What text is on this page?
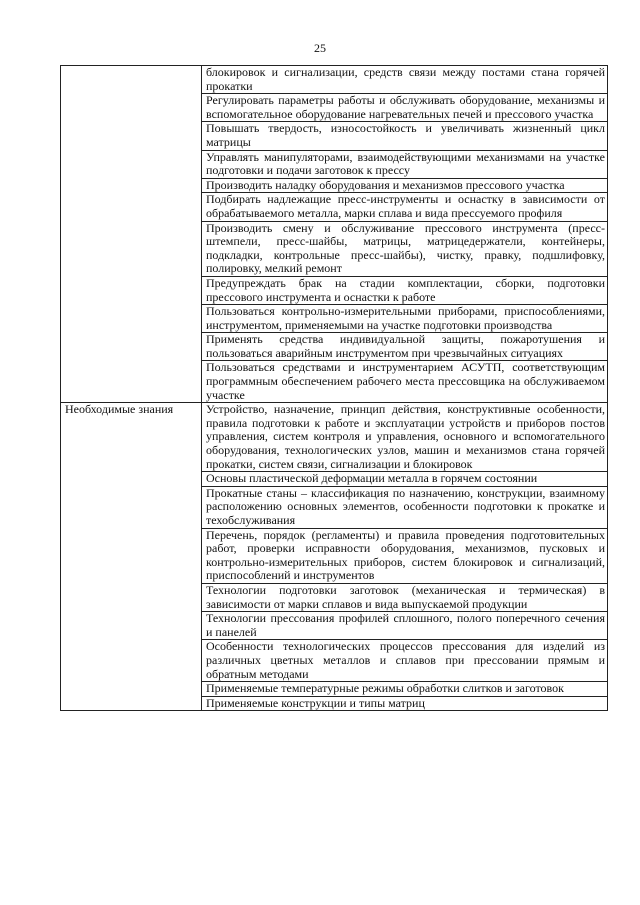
25
	блокировок и сигнализации, средств связи между постами стана горячей прокатки
	Регулировать параметры работы и обслуживать оборудование, механизмы и вспомогательное оборудование нагревательных печей и прессового участка
	Повышать твердость, износостойкость и увеличивать жизненный цикл матрицы
	Управлять манипуляторами, взаимодействующими механизмами на участке подготовки и подачи заготовок к прессу
	Производить наладку оборудования и механизмов прессового участка
	Подбирать надлежащие пресс-инструменты и оснастку в зависимости от обрабатываемого металла, марки сплава и вида прессуемого профиля
	Производить смену и обслуживание прессового инструмента (пресс-штемпели, пресс-шайбы, матрицы, матрицедержатели, контейнеры, подкладки, контрольные пресс-шайбы), чистку, правку, подшлифовку, полировку, мелкий ремонт
	Предупреждать брак на стадии комплектации, сборки, подготовки прессового инструмента и оснастки к работе
	Пользоваться контрольно-измерительными приборами, приспособлениями, инструментом, применяемыми на участке подготовки производства
	Применять средства индивидуальной защиты, пожаротушения и пользоваться аварийным инструментом при чрезвычайных ситуациях
	Пользоваться средствами и инструментарием АСУТП, соответствующим программным обеспечением рабочего места прессовщика на обслуживаемом участке
Необходимые знания	Устройство, назначение, принцип действия, конструктивные особенности, правила подготовки к работе и эксплуатации устройств и приборов постов управления, систем контроля и управления, основного и вспомогательного оборудования, технологических узлов, машин и механизмов стана горячей прокатки, систем связи, сигнализации и блокировок
	Основы пластической деформации металла в горячем состоянии
	Прокатные станы – классификация по назначению, конструкции, взаимному расположению основных элементов, особенности подготовки к прокатке и техобслуживания
	Перечень, порядок (регламенты) и правила проведения подготовительных работ, проверки исправности оборудования, механизмов, пусковых и контрольно-измерительных приборов, систем блокировок и сигнализаций, приспособлений и инструментов
	Технологии подготовки заготовок (механическая и термическая) в зависимости от марки сплавов и вида выпускаемой продукции
	Технологии прессования профилей сплошного, полого поперечного сечения и панелей
	Особенности технологических процессов прессования для изделий из различных цветных металлов и сплавов при прессовании прямым и обратным методами
	Применяемые температурные режимы обработки слитков и заготовок
	Применяемые конструкции и типы матриц
